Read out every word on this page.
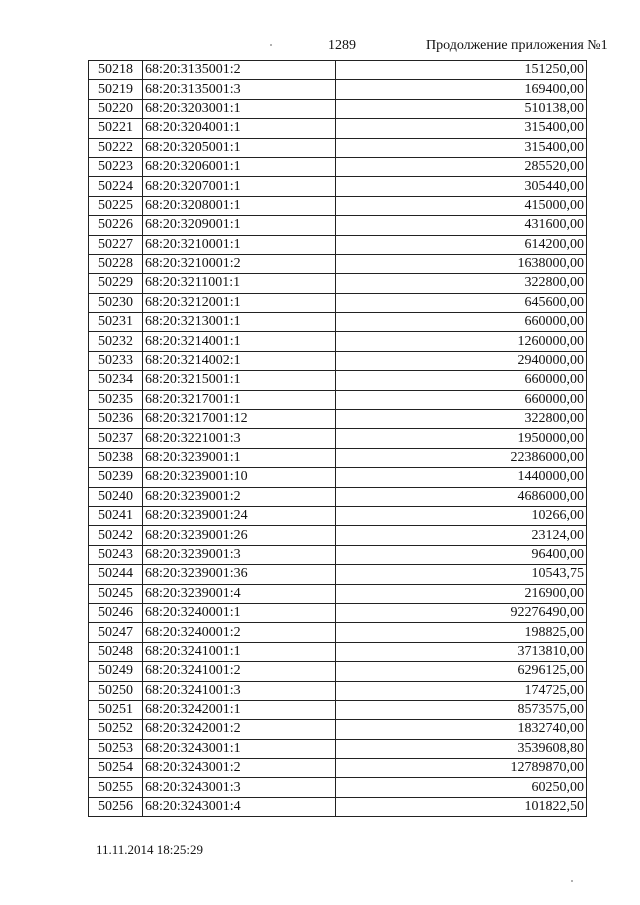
1289	Продолжение приложения №1
50218	68:20:3135001:2	151250,00
50219	68:20:3135001:3	169400,00
50220	68:20:3203001:1	510138,00
50221	68:20:3204001:1	315400,00
50222	68:20:3205001:1	315400,00
50223	68:20:3206001:1	285520,00
50224	68:20:3207001:1	305440,00
50225	68:20:3208001:1	415000,00
50226	68:20:3209001:1	431600,00
50227	68:20:3210001:1	614200,00
50228	68:20:3210001:2	1638000,00
50229	68:20:3211001:1	322800,00
50230	68:20:3212001:1	645600,00
50231	68:20:3213001:1	660000,00
50232	68:20:3214001:1	1260000,00
50233	68:20:3214002:1	2940000,00
50234	68:20:3215001:1	660000,00
50235	68:20:3217001:1	660000,00
50236	68:20:3217001:12	322800,00
50237	68:20:3221001:3	1950000,00
50238	68:20:3239001:1	22386000,00
50239	68:20:3239001:10	1440000,00
50240	68:20:3239001:2	4686000,00
50241	68:20:3239001:24	10266,00
50242	68:20:3239001:26	23124,00
50243	68:20:3239001:3	96400,00
50244	68:20:3239001:36	10543,75
50245	68:20:3239001:4	216900,00
50246	68:20:3240001:1	92276490,00
50247	68:20:3240001:2	198825,00
50248	68:20:3241001:1	3713810,00
50249	68:20:3241001:2	6296125,00
50250	68:20:3241001:3	174725,00
50251	68:20:3242001:1	8573575,00
50252	68:20:3242001:2	1832740,00
50253	68:20:3243001:1	3539608,80
50254	68:20:3243001:2	12789870,00
50255	68:20:3243001:3	60250,00
50256	68:20:3243001:4	101822,50
11.11.2014 18:25:29
